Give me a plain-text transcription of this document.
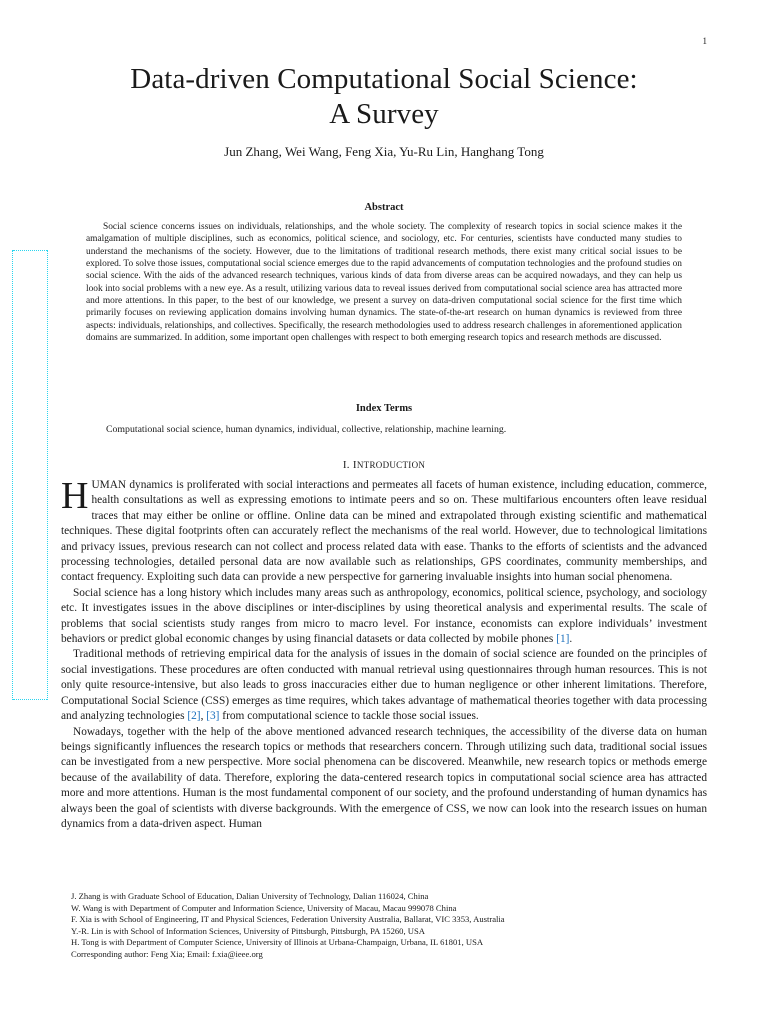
1
Data-driven Computational Social Science:
A Survey
Jun Zhang, Wei Wang, Feng Xia, Yu-Ru Lin, Hanghang Tong
Abstract
Social science concerns issues on individuals, relationships, and the whole society. The complexity of research topics in social science makes it the amalgamation of multiple disciplines, such as economics, political science, and sociology, etc. For centuries, scientists have conducted many studies to understand the mechanisms of the society. However, due to the limitations of traditional research methods, there exist many critical social issues to be explored. To solve those issues, computational social science emerges due to the rapid advancements of computation technologies and the profound studies on social science. With the aids of the advanced research techniques, various kinds of data from diverse areas can be acquired nowadays, and they can help us look into social problems with a new eye. As a result, utilizing various data to reveal issues derived from computational social science area has attracted more and more attentions. In this paper, to the best of our knowledge, we present a survey on data-driven computational social science for the first time which primarily focuses on reviewing application domains involving human dynamics. The state-of-the-art research on human dynamics is reviewed from three aspects: individuals, relationships, and collectives. Specifically, the research methodologies used to address research challenges in aforementioned application domains are summarized. In addition, some important open challenges with respect to both emerging research topics and research methods are discussed.
Index Terms
Computational social science, human dynamics, individual, collective, relationship, machine learning.
I. INTRODUCTION

HUMAN dynamics is proliferated with social interactions and permeates all facets of human existence, including education, commerce, health consultations as well as expressing emotions to intimate peers and so on. These multifarious encounters often leave residual traces that may either be online or offline. Online data can be mined and extrapolated through existing scientific and mathematical techniques. These digital footprints often can accurately reflect the mechanisms of the real world. However, due to technological limitations and privacy issues, previous research can not collect and process related data with ease. Thanks to the efforts of scientists and the advanced processing technologies, detailed personal data are now available such as relationships, GPS coordinates, community memberships, and contact frequency. Exploiting such data can provide a new perspective for garnering invaluable insights into human social phenomena.

Social science has a long history which includes many areas such as anthropology, economics, political science, psychology, and sociology etc. It investigates issues in the above disciplines or inter-disciplines by using theoretical analysis and experimental results. The scale of problems that social scientists study ranges from micro to macro level. For instance, economists can explore individuals’ investment behaviors or predict global economic changes by using financial datasets or data collected by mobile phones [1].

Traditional methods of retrieving empirical data for the analysis of issues in the domain of social science are founded on the principles of social investigations. These procedures are often conducted with manual retrieval using questionnaires through human resources. This is not only quite resource-intensive, but also leads to gross inaccuracies either due to human negligence or other inherent limitations. Therefore, Computational Social Science (CSS) emerges as time requires, which takes advantage of mathematical theories together with data processing and analyzing technologies [2], [3] from computational science to tackle those social issues.

Nowadays, together with the help of the above mentioned advanced research techniques, the accessibility of the diverse data on human beings significantly influences the research topics or methods that researchers concern. Through utilizing such data, traditional social issues can be investigated from a new perspective. More social phenomena can be discovered. Meanwhile, new research topics or methods emerge because of the availability of data. Therefore, exploring the data-centered research topics in computational social science area has attracted more and more attentions. Human is the most fundamental component of our society, and the profound understanding of human dynamics has always been the goal of scientists with diverse backgrounds. With the emergence of CSS, we now can look into the research issues on human dynamics from a data-driven aspect. Human

J. Zhang is with Graduate School of Education, Dalian University of Technology, Dalian 116024, China
W. Wang is with Department of Computer and Information Science, University of Macau, Macau 999078 China
F. Xia is with School of Engineering, IT and Physical Sciences, Federation University Australia, Ballarat, VIC 3353, Australia
Y.-R. Lin is with School of Information Sciences, University of Pittsburgh, Pittsburgh, PA 15260, USA
H. Tong is with Department of Computer Science, University of Illinois at Urbana-Champaign, Urbana, IL 61801, USA
Corresponding author: Feng Xia; Email: f.xia@ieee.org
